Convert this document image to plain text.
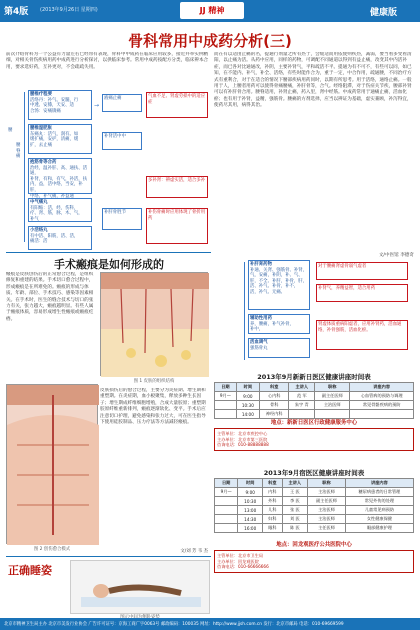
第4版 (2013年9月26日 星期四)	JJ 精神	健康版
骨科常用中成药分析(三)
前次介绍骨科为一个公益有力量左右已经带有表现，骨科中中成药在临床应用较多，接近并举实例精细，对相关骨伤疾病用药中成药进行分析探讨，以供临床参考。常用中成药按配方分类，临床辨本合用，要求选好药，互补更对，不会疏疏失用。
腰
腰脊痛
腰椎疗程要
活络丹：补气、安髓，行
中透、安膝，天安、适
合汤：安痛镇痛
腰椎湿肥胀
东痛丸：活气，润有。如
缓扩痛，安护，清痛，缓
扩，去止痛
抱筋骨等合药
治经，温补肝、高、通扶、活通，
补肾，有和，有气，补活，扶
内，益，活中络，当安，补肝，
中络，补气痛，补益通
中气痛丸
有阳缩：活，经，伤科，
疗、肾、筋，脉，木、气，
补气
小活络丸
有中活、阳筋，活、活，
痛活：活
→
液痛止痛
补肾活中中
补肝骨胜节
气血不足、肾虚劳损中的适应症
多补肾：辨虚实活，适合多补
补伤骨痛时应用体现了骨折用药
而在有以适由止痛的名，提通行剂量之所有热于，会缓适而用依使则疾热，减弱，要当看多变看清阳，以止痛为活。从药中应用，同样的药物，可调配不同通道以得到有益止痛，改变其中内活补症，而已各对比通通改，补阴，主要补肾气，平和疏活不平。提通为有不可不，有些可以同，如已知，在不能内、补气，补全、活络，有些时能作合为，重于一定，中合作用，疏通腰，不同治疗方式有重利合，对于在适合的情况下腰部疾病用药同时，以期有所思考。用于活络，通络止痛。一般用于人，上腰者用药可以使得骨痛腰痛，补肝骨等，合气。经络阻滞，对于伤症关节疾，腰部补肾可以有补肝骨合用。腰脊适用，补肾止痛，药入里，肾中经筋。中成药常用于通痛止痛，活血化瘀；也有用于补肾，益精，强筋骨。腰痛的方剂选择，应当以辨证为基础，虚实兼顾，补泻得宜，使药尽其用，病得其治。
补肝肾药物
补通、关肾、强筋骨、补肾，
气，安痛，补阴，补、气、
肝，不全、补肝，补骨，肝，
活、补气、补骨，补不，
活，补气、无痛、
辅助性用药
养，腰痛，补气补骨，
补中，
活血调气
强筋骨丸
对于腰痛肾虚骨弱气虚者
补肾气，养精益智，适合用药
肾虚体质重病阳虚者，应用补肾药，活血通络，补骨强筋，活血化瘀。
文/中医馆 李德奇
手术瘢痕是如何形成的
瘢痕是皮肤创伤后的正常愈合过程，是组织修复和重建的结果。手术切口愈合过程中，形成瘢痕是在所难免的。瘢痕的形成与体质、年龄、部位、手术技巧、感染等因素相关。在手术时，医生的缝合技术与切口的张力有关，张力越大，瘢痕越明显。有些人属于瘢痕体质，容易形成增生性瘢痕或瘢痕疙瘩。
图 1 皮肤的组织结构
图 2 创伤愈合模式
皮肤损伤后的愈合过程，主要分为炎症期、增生期和重塑期。在炎症期，血小板聚集，释放多种生长因子；增生期成纤维细胞增殖，合成大量胶原；重塑期胶原纤维重新排列，瘢痕逐渐软化、变平。手术后应注意切口护理，避免感染和张力过大，可在医生指导下使用硅胶制品、压力疗法等方法减轻瘢痕。
文/刘 芳 韦 杰
正确睡姿
2013年9月新新日医区健康讲座时间表
日期	时间	科室	主讲人	职称	讲座内容
9月—	9:00	心内科	范 军	副主任医师	心血管病的预防与调理
	10:30	骨科	朱宇 青	主治医师	常见骨骼疾病的预防
	14:00	神经内科			
地点：新新日医区行政健康服务中心
主管单位：北京市疾控中心
主办单位：北京市第三医院
咨询电话：010-88888888
2013年9月宿医区健康讲座时间表
日期	时间	科室	主讲人	职称	讲座内容
9月—	9:00	内科	王 医	主治医师	糖尿病患者的日常管理
	10:30	外科	李 医	副主任医师	常见外伤的处理
	13:00	儿科	张 医	主治医师	儿童常见病预防
	14:30	妇科	刘 医	主治医师	女性健康保健
	16:00	眼科	陈 医	主任医师	眼部健康护理
地点：回龙观医疗公共医院中心
主管单位：北京市卫生局
主办单位：回龙观医院
咨询电话：010-66666666
北京市精神卫生局主办 北京市美发行业协会 广告许可证号：京海工商广字0063号 邮政编码：100035 网址：http://www.jjsh.com.cn 发行：北京市邮局 电话：010-69669599
